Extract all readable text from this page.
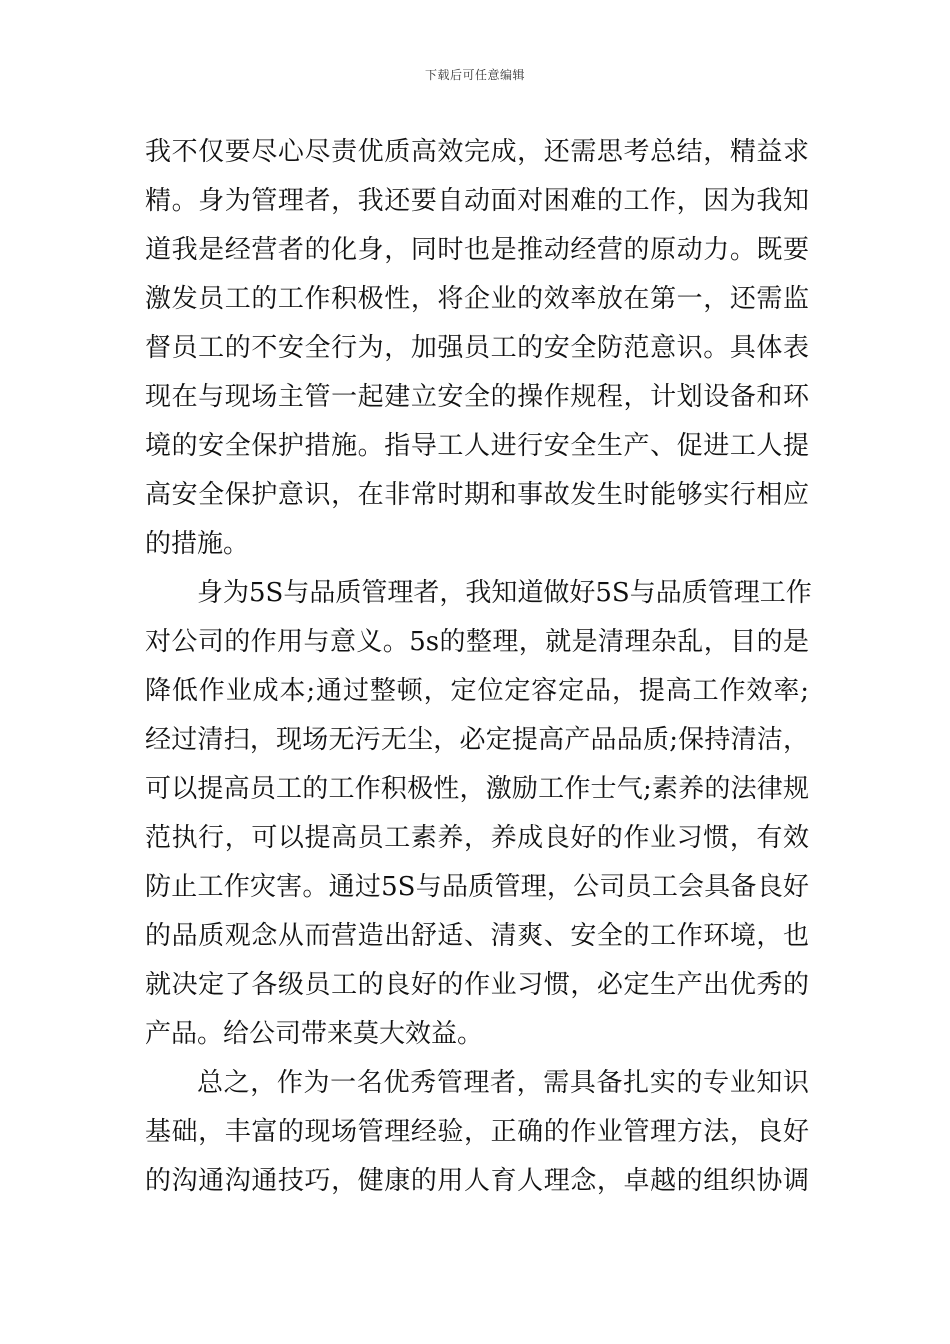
下载后可任意编辑
我不仅要尽心尽责优质高效完成，还需思考总结，精益求
精。身为管理者，我还要自动面对困难的工作，因为我知
道我是经营者的化身，同时也是推动经营的原动力。既要
激发员工的工作积极性，将企业的效率放在第一，还需监
督员工的不安全行为，加强员工的安全防范意识。具体表
现在与现场主管一起建立安全的操作规程，计划设备和环
境的安全保护措施。指导工人进行安全生产、促进工人提
高安全保护意识，在非常时期和事故发生时能够实行相应
的措施。
身为5S与品质管理者，我知道做好5S与品质管理工作
对公司的作用与意义。5s的整理，就是清理杂乱，目的是
降低作业成本;通过整顿，定位定容定品，提高工作效率;
经过清扫，现场无污无尘，必定提高产品品质;保持清洁，
可以提高员工的工作积极性，激励工作士气;素养的法律规
范执行，可以提高员工素养，养成良好的作业习惯，有效
防止工作灾害。通过5S与品质管理，公司员工会具备良好
的品质观念从而营造出舒适、清爽、安全的工作环境，也
就决定了各级员工的良好的作业习惯，必定生产出优秀的
产品。给公司带来莫大效益。
总之，作为一名优秀管理者，需具备扎实的专业知识
基础，丰富的现场管理经验，正确的作业管理方法，良好
的沟通沟通技巧，健康的用人育人理念，卓越的组织协调
